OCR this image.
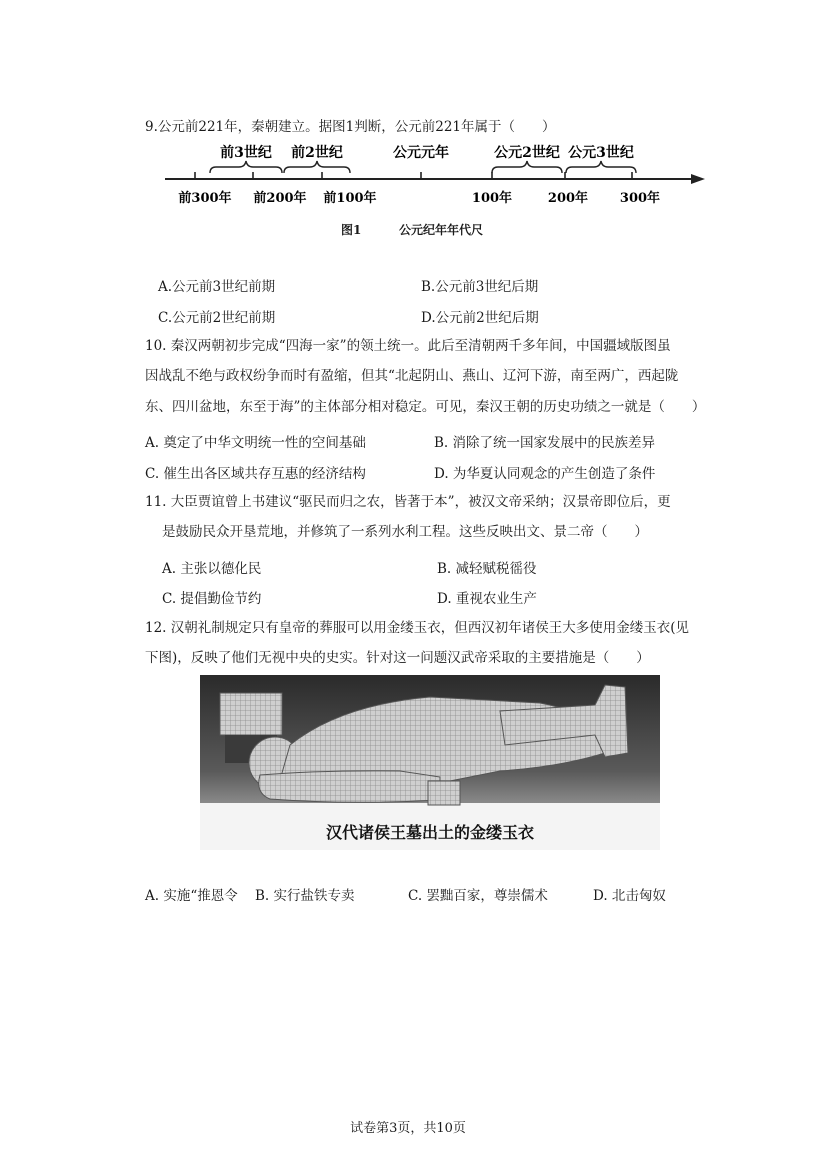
9.公元前221年，秦朝建立。据图1判断，公元前221年属于（　　）
前3世纪 前2世纪	公元元年	公元2世纪 公元3世纪
前300年 前200年 前100年	100年	200年 300年
图1	公元纪年年代尺
A.公元前3世纪前期	B.公元前3世纪后期
C.公元前2世纪前期	D.公元前2世纪后期
10. 秦汉两朝初步完成“四海一家”的领土统一。此后至清朝两千多年间，中国疆域版图虽
因战乱不绝与政权纷争而时有盈缩，但其“北起阴山、燕山、辽河下游，南至两广，西起陇
东、四川盆地，东至于海”的主体部分相对稳定。可见，秦汉王朝的历史功绩之一就是（　　）
A. 奠定了中华文明统一性的空间基础	B. 消除了统一国家发展中的民族差异
C. 催生出各区域共存互惠的经济结构	D. 为华夏认同观念的产生创造了条件
11. 大臣贾谊曾上书建议“驱民而归之农，皆著于本”，被汉文帝采纳；汉景帝即位后，更
是鼓励民众开垦荒地，并修筑了一系列水利工程。这些反映出文、景二帝（　　）
A. 主张以德化民	B. 减轻赋税徭役
C. 提倡勤俭节约	D. 重视农业生产
12. 汉朝礼制规定只有皇帝的葬服可以用金缕玉衣，但西汉初年诸侯王大多使用金缕玉衣(见
下图)，反映了他们无视中央的史实。针对这一问题汉武帝采取的主要措施是（　　）
汉代诸侯王墓出土的金缕玉衣
A. 实施“推恩令 B. 实行盐铁专卖	C. 罢黜百家，尊崇儒术	D. 北击匈奴
试卷第3页，共10页
